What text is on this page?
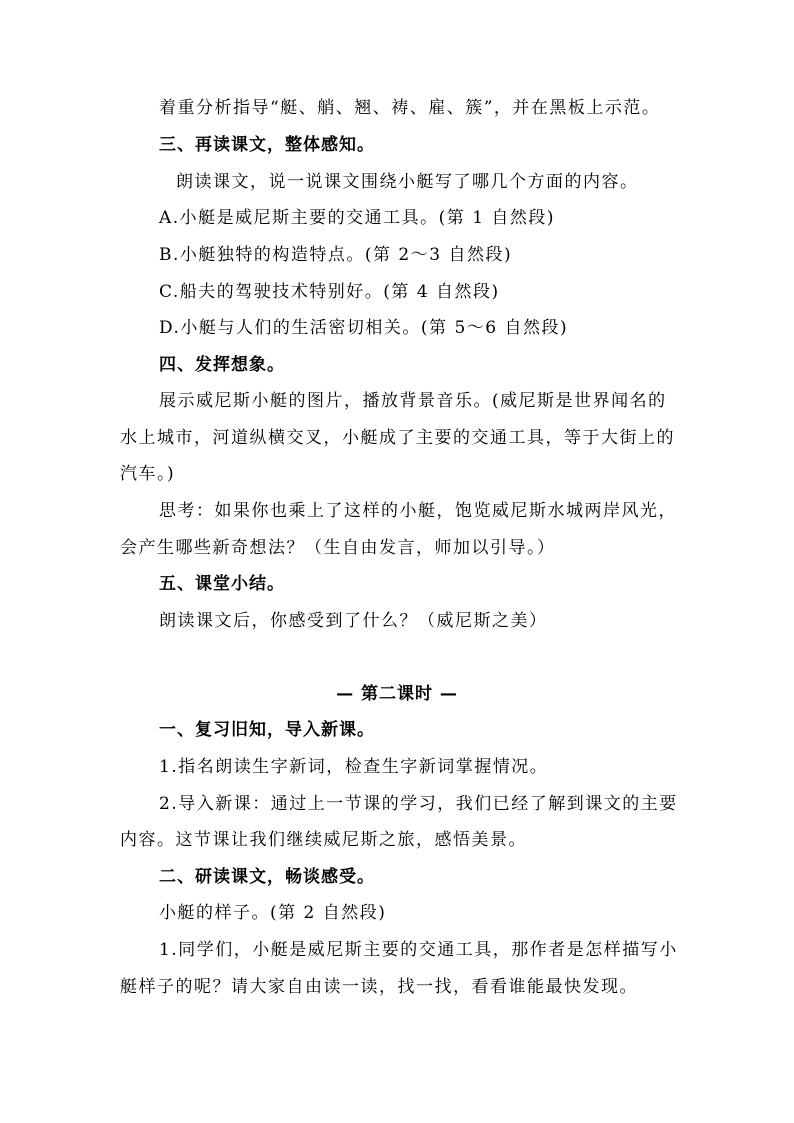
着重分析指导“艇、艄、翘、祷、雇、簇”，并在黑板上示范。
三、再读课文，整体感知。
朗读课文，说一说课文围绕小艇写了哪几个方面的内容。
A.小艇是威尼斯主要的交通工具。(第 1 自然段)
B.小艇独特的构造特点。(第 2～3 自然段)
C.船夫的驾驶技术特别好。(第 4 自然段)
D.小艇与人们的生活密切相关。(第 5～6 自然段)
四、发挥想象。
展示威尼斯小艇的图片，播放背景音乐。(威尼斯是世界闻名的
水上城市，河道纵横交叉，小艇成了主要的交通工具，等于大街上的
汽车。)
思考：如果你也乘上了这样的小艇，饱览威尼斯水城两岸风光，
会产生哪些新奇想法？（生自由发言，师加以引导。）
五、课堂小结。
朗读课文后，你感受到了什么？（威尼斯之美）
— 第二课时 —
一、复习旧知，导入新课。
1.指名朗读生字新词，检查生字新词掌握情况。
2.导入新课：通过上一节课的学习，我们已经了解到课文的主要
内容。这节课让我们继续威尼斯之旅，感悟美景。
二、研读课文，畅谈感受。
小艇的样子。(第 2 自然段)
1.同学们，小艇是威尼斯主要的交通工具，那作者是怎样描写小
艇样子的呢？请大家自由读一读，找一找，看看谁能最快发现。
